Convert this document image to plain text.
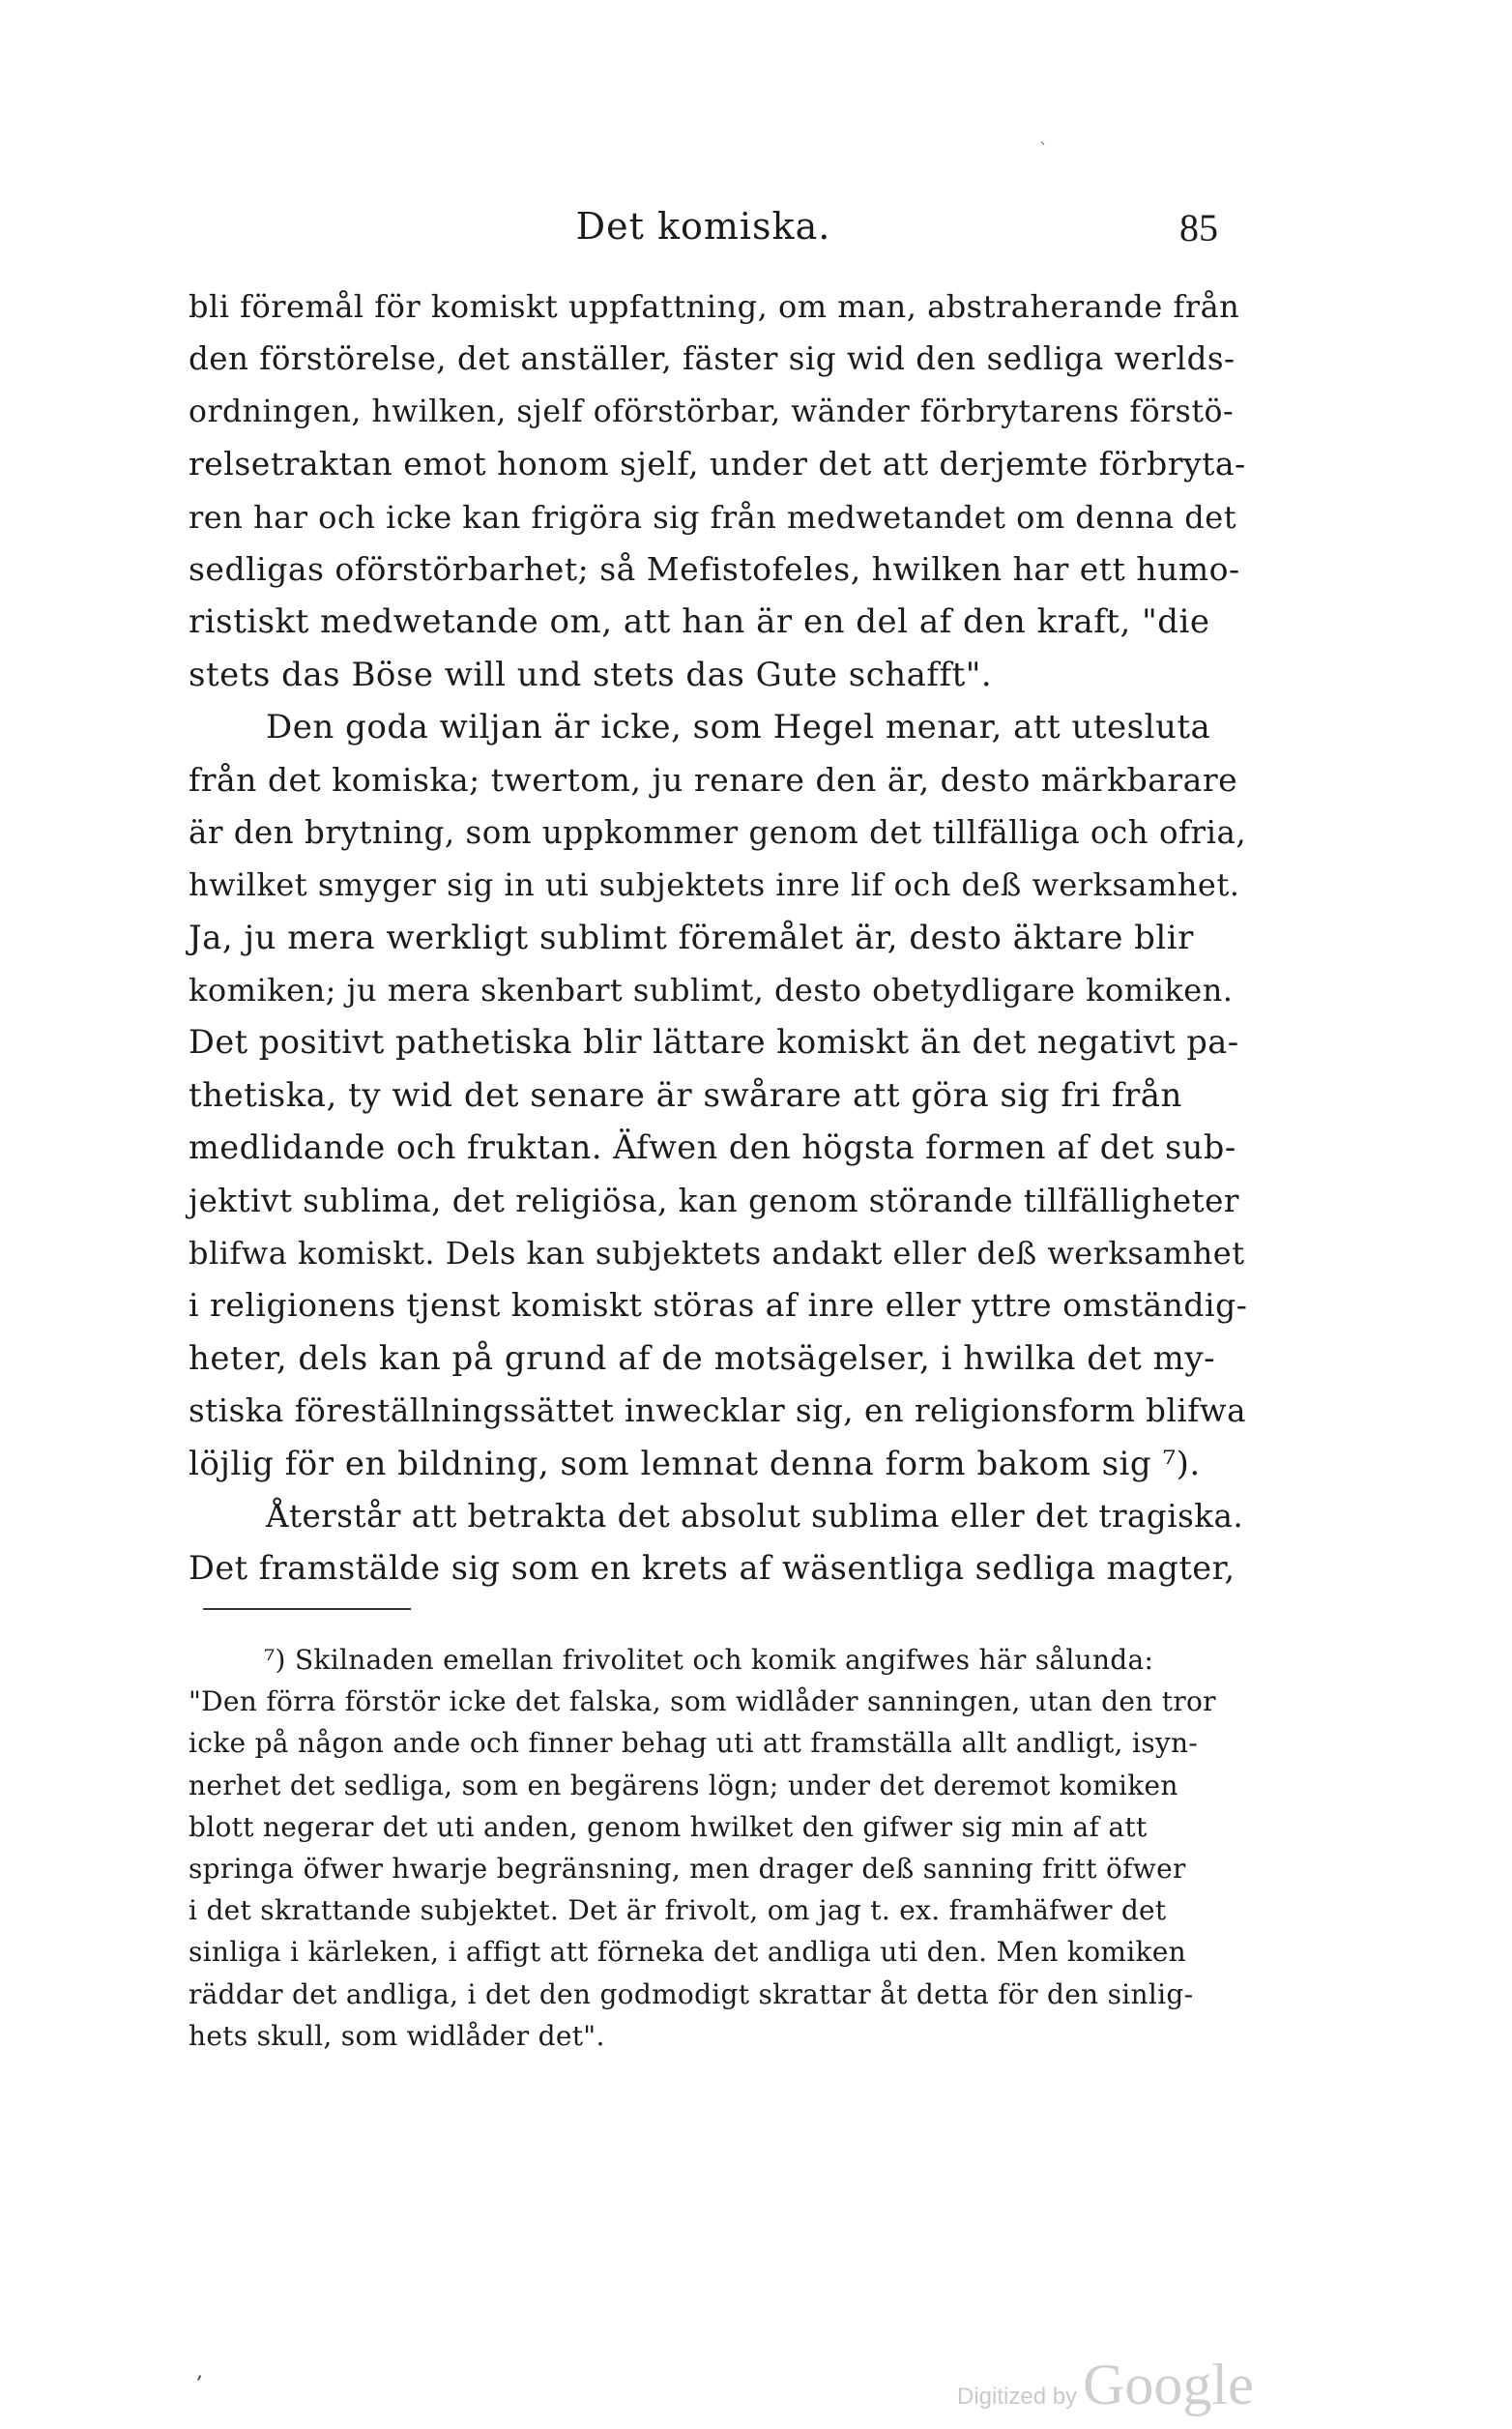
ˋ
Det komiska.	85
bli föremål för komiskt uppfattning, om man, abstraherande från
den förstörelse, det anställer, fäster sig wid den sedliga werlds-
ordningen, hwilken, sjelf oförstörbar, wänder förbrytarens förstö-
relsetraktan emot honom sjelf, under det att derjemte förbryta-
ren har och icke kan frigöra sig från medwetandet om denna det
sedligas oförstörbarhet; så Mefistofeles, hwilken har ett humo-
ristiskt medwetande om, att han är en del af den kraft, "die
stets das Böse will und stets das Gute schafft".
Den goda wiljan är icke, som Hegel menar, att utesluta
från det komiska; twertom, ju renare den är, desto märkbarare
är den brytning, som uppkommer genom det tillfälliga och ofria,
hwilket smyger sig in uti subjektets inre lif och deß werksamhet.
Ja, ju mera werkligt sublimt föremålet är, desto äktare blir
komiken; ju mera skenbart sublimt, desto obetydligare komiken.
Det positivt pathetiska blir lättare komiskt än det negativt pa-
thetiska, ty wid det senare är swårare att göra sig fri från
medlidande och fruktan. Äfwen den högsta formen af det sub-
jektivt sublima, det religiösa, kan genom störande tillfälligheter
blifwa komiskt. Dels kan subjektets andakt eller deß werksamhet
i religionens tjenst komiskt störas af inre eller yttre omständig-
heter, dels kan på grund af de motsägelser, i hwilka det my-
stiska föreställningssättet inwecklar sig, en religionsform blifwa
löjlig för en bildning, som lemnat denna form bakom sig ⁷).
Återstår att betrakta det absolut sublima eller det tragiska.
Det framstälde sig som en krets af wäsentliga sedliga magter,
⁷) Skilnaden emellan frivolitet och komik angifwes här sålunda:
"Den förra förstör icke det falska, som widlåder sanningen, utan den tror
icke på någon ande och finner behag uti att framställa allt andligt, isyn-
nerhet det sedliga, som en begärens lögn; under det deremot komiken
blott negerar det uti anden, genom hwilket den gifwer sig min af att
springa öfwer hwarje begränsning, men drager deß sanning fritt öfwer
i det skrattande subjektet. Det är frivolt, om jag t. ex. framhäfwer det
sinliga i kärleken, i affigt att förneka det andliga uti den. Men komiken
räddar det andliga, i det den godmodigt skrattar åt detta för den sinlig-
hets skull, som widlåder det".
,
Digitized by Google
